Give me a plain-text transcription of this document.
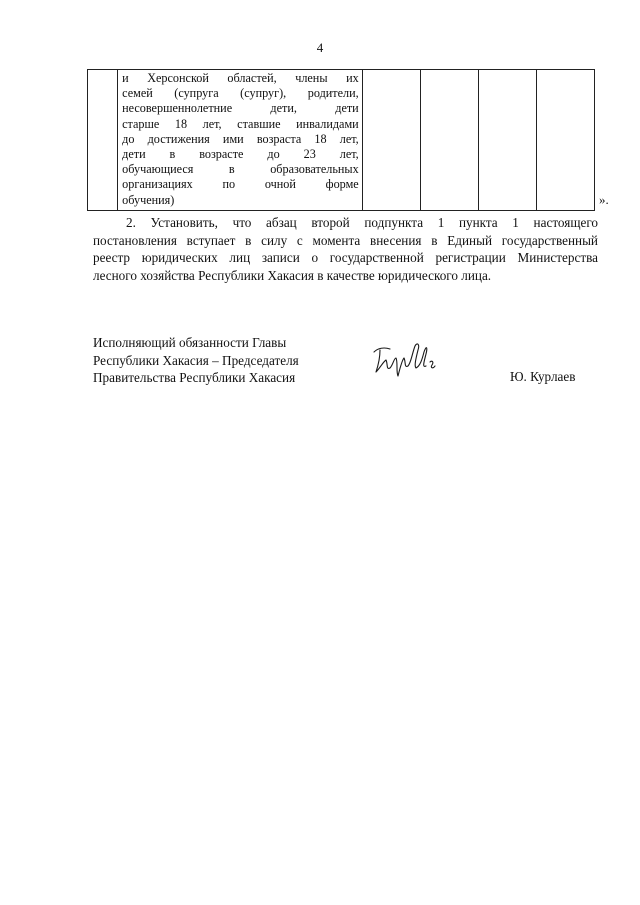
4

и Херсонской областей, члены их
семей (супруга (супруг), родители,
несовершеннолетние дети, дети
старше 18 лет, ставшие инвалидами
до достижения ими возраста 18 лет,
дети в возрасте до 23 лет,
обучающиеся в образовательных
организациях по очной форме
обучения)
					».
2. Установить, что абзац второй подпункта 1 пункта 1 настоящего
постановления вступает в силу с момента внесения в Единый государственный
реестр юридических лиц записи о государственной регистрации Министерства
лесного хозяйства Республики Хакасия в качестве юридического лица.
Исполняющий обязанности Главы
Республики Хакасия – Председателя
Правительства Республики Хакасия	Ю. Курлаев
